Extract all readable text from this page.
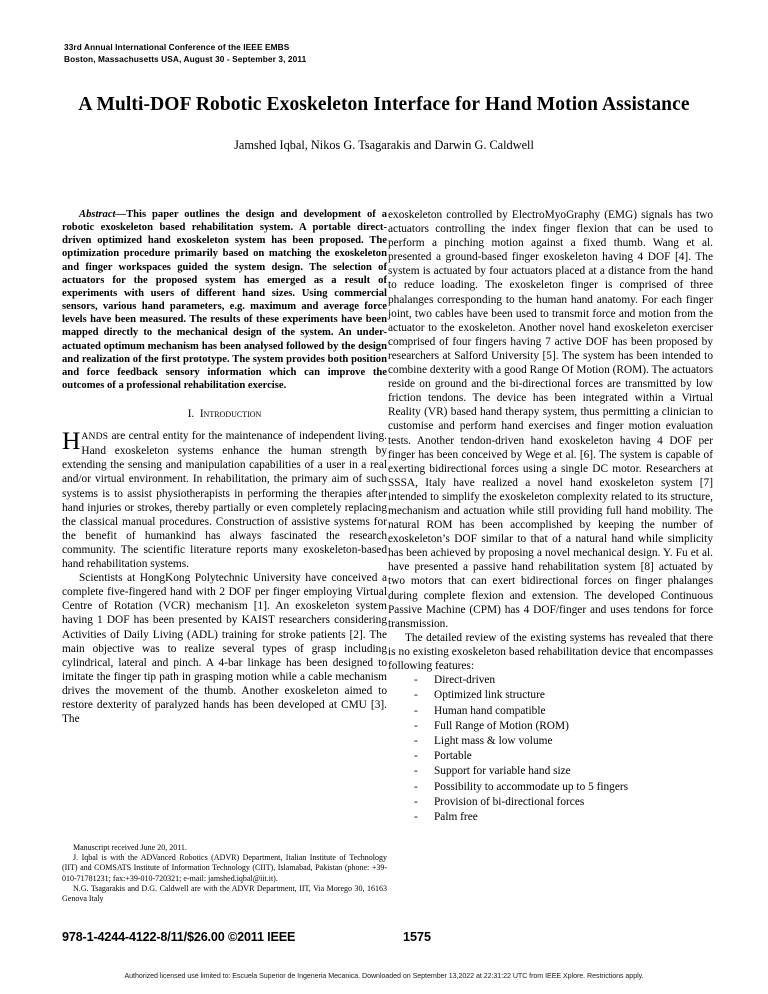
33rd Annual International Conference of the IEEE EMBS
Boston, Massachusetts USA, August 30 - September 3, 2011
A Multi-DOF Robotic Exoskeleton Interface for Hand Motion Assistance
Jamshed Iqbal, Nikos G. Tsagarakis and Darwin G. Caldwell

Abstract—This paper outlines the design and development of a robotic exoskeleton based rehabilitation system. A portable direct-driven optimized hand exoskeleton system has been proposed. The optimization procedure primarily based on matching the exoskeleton and finger workspaces guided the system design. The selection of actuators for the proposed system has emerged as a result of experiments with users of different hand sizes. Using commercial sensors, various hand parameters, e.g. maximum and average force levels have been measured. The results of these experiments have been mapped directly to the mechanical design of the system. An under-actuated optimum mechanism has been analysed followed by the design and realization of the first prototype. The system provides both position and force feedback sensory information which can improve the outcomes of a professional rehabilitation exercise.

I. Introduction

HANDS are central entity for the maintenance of independent living. Hand exoskeleton systems enhance the human strength by extending the sensing and manipulation capabilities of a user in a real and/or virtual environment. In rehabilitation, the primary aim of such systems is to assist physiotherapists in performing the therapies after hand injuries or strokes, thereby partially or even completely replacing the classical manual procedures. Construction of assistive systems for the benefit of humankind has always fascinated the research community. The scientific literature reports many exoskeleton-based hand rehabilitation systems.

Scientists at HongKong Polytechnic University have conceived a complete five-fingered hand with 2 DOF per finger employing Virtual Centre of Rotation (VCR) mechanism [1]. An exoskeleton system having 1 DOF has been presented by KAIST researchers considering Activities of Daily Living (ADL) training for stroke patients [2]. The main objective was to realize several types of grasp including cylindrical, lateral and pinch. A 4-bar linkage has been designed to imitate the finger tip path in grasping motion while a cable mechanism drives the movement of the thumb. Another exoskeleton aimed to restore dexterity of paralyzed hands has been developed at CMU [3]. The

exoskeleton controlled by ElectroMyoGraphy (EMG) signals has two actuators controlling the index finger flexion that can be used to perform a pinching motion against a fixed thumb. Wang et al. presented a ground-based finger exoskeleton having 4 DOF [4]. The system is actuated by four actuators placed at a distance from the hand to reduce loading. The exoskeleton finger is comprised of three phalanges corresponding to the human hand anatomy. For each finger joint, two cables have been used to transmit force and motion from the actuator to the exoskeleton. Another novel hand exoskeleton exerciser comprised of four fingers having 7 active DOF has been proposed by researchers at Salford University [5]. The system has been intended to combine dexterity with a good Range Of Motion (ROM). The actuators reside on ground and the bi-directional forces are transmitted by low friction tendons. The device has been integrated within a Virtual Reality (VR) based hand therapy system, thus permitting a clinician to customise and perform hand exercises and finger motion evaluation tests. Another tendon-driven hand exoskeleton having 4 DOF per finger has been conceived by Wege et al. [6]. The system is capable of exerting bidirectional forces using a single DC motor. Researchers at SSSA, Italy have realized a novel hand exoskeleton system [7] intended to simplify the exoskeleton complexity related to its structure, mechanism and actuation while still providing full hand mobility. The natural ROM has been accomplished by keeping the number of exoskeleton’s DOF similar to that of a natural hand while simplicity has been achieved by proposing a novel mechanical design. Y. Fu et al. have presented a passive hand rehabilitation system [8] actuated by two motors that can exert bidirectional forces on finger phalanges during complete flexion and extension. The developed Continuous Passive Machine (CPM) has 4 DOF/finger and uses tendons for force transmission.

The detailed review of the existing systems has revealed that there is no existing exoskeleton based rehabilitation device that encompasses following features:

- Direct-driven
- Optimized link structure
- Human hand compatible
- Full Range of Motion (ROM)
- Light mass & low volume
- Portable
- Support for variable hand size
- Possibility to accommodate up to 5 fingers
- Provision of bi-directional forces
- Palm free

Manuscript received June 20, 2011.

J. Iqbal is with the ADVanced Robotics (ADVR) Department, Italian Institute of Technology (IIT) and COMSATS Institute of Information Technology (CIIT), Islamabad, Pakistan (phone: +39-010-71781231; fax:+39-010-720321; e-mail: jamshed.iqbal@iit.it).

N.G. Tsagarakis and D.G. Caldwell are with the ADVR Department, IIT, Via Morego 30, 16163 Genova Italy

978-1-4244-4122-8/11/$26.00 ©2011 IEEE	1575
Authorized licensed use limited to: Escuela Superior de Ingeneria Mecanica. Downloaded on September 13,2022 at 22:31:22 UTC from IEEE Xplore. Restrictions apply.
